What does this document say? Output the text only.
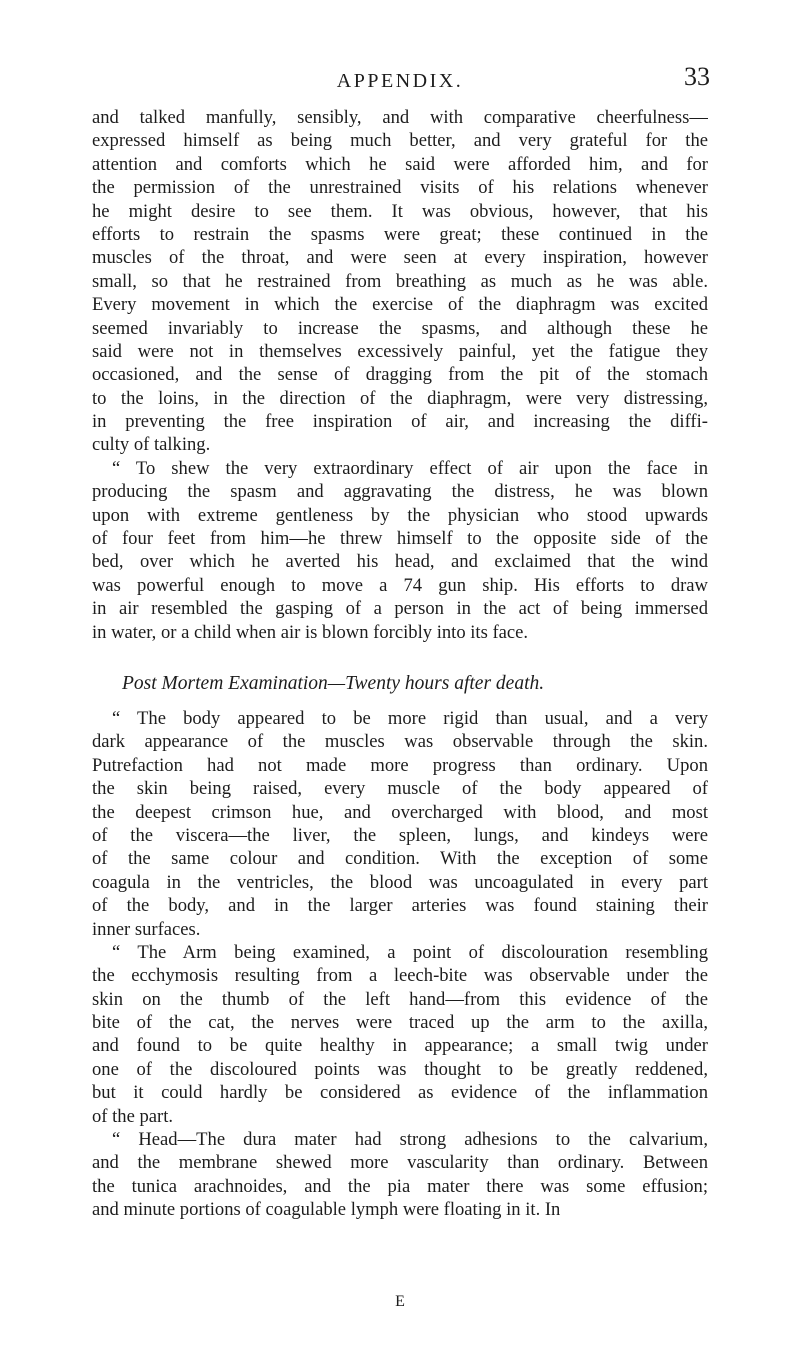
APPENDIX.	33
and talked manfully, sensibly, and with comparative cheerfulness—
expressed himself as being much better, and very grateful for the
attention and comforts which he said were afforded him, and for
the permission of the unrestrained visits of his relations whenever
he might desire to see them. It was obvious, however, that his
efforts to restrain the spasms were great; these continued in the
muscles of the throat, and were seen at every inspiration, however
small, so that he restrained from breathing as much as he was able.
Every movement in which the exercise of the diaphragm was excited
seemed invariably to increase the spasms, and although these he
said were not in themselves excessively painful, yet the fatigue they
occasioned, and the sense of dragging from the pit of the stomach
to the loins, in the direction of the diaphragm, were very distressing,
in preventing the free inspiration of air, and increasing the diffi-
culty of talking.
“ To shew the very extraordinary effect of air upon the face in
producing the spasm and aggravating the distress, he was blown
upon with extreme gentleness by the physician who stood upwards
of four feet from him—he threw himself to the opposite side of the
bed, over which he averted his head, and exclaimed that the wind
was powerful enough to move a 74 gun ship. His efforts to draw
in air resembled the gasping of a person in the act of being immersed
in water, or a child when air is blown forcibly into its face.
Post Mortem Examination—Twenty hours after death.
“ The body appeared to be more rigid than usual, and a very
dark appearance of the muscles was observable through the skin.
Putrefaction had not made more progress than ordinary. Upon
the skin being raised, every muscle of the body appeared of
the deepest crimson hue, and overcharged with blood, and most
of the viscera—the liver, the spleen, lungs, and kindeys were
of the same colour and condition. With the exception of some
coagula in the ventricles, the blood was uncoagulated in every part
of the body, and in the larger arteries was found staining their
inner surfaces.
“ The Arm being examined, a point of discolouration resembling
the ecchymosis resulting from a leech-bite was observable under the
skin on the thumb of the left hand—from this evidence of the
bite of the cat, the nerves were traced up the arm to the axilla,
and found to be quite healthy in appearance; a small twig under
one of the discoloured points was thought to be greatly reddened,
but it could hardly be considered as evidence of the inflammation
of the part.
“ Head—The dura mater had strong adhesions to the calvarium,
and the membrane shewed more vascularity than ordinary. Between
the tunica arachnoides, and the pia mater there was some effusion;
and minute portions of coagulable lymph were floating in it. In
E
